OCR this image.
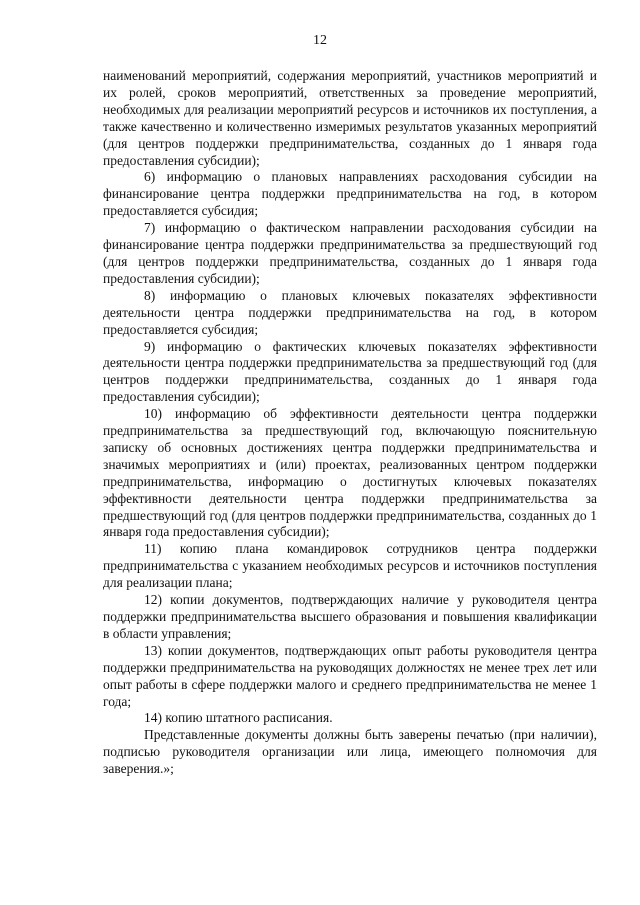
12

наименований мероприятий, содержания мероприятий, участников мероприятий и их ролей, сроков мероприятий, ответственных за проведение мероприятий, необходимых для реализации мероприятий ресурсов и источников их поступления, а также качественно и количественно измеримых результатов указанных мероприятий (для центров поддержки предпринимательства, созданных до 1 января года предоставления субсидии);

6) информацию о плановых направлениях расходования субсидии на финансирование центра поддержки предпринимательства на год, в котором предоставляется субсидия;

7) информацию о фактическом направлении расходования субсидии на финансирование центра поддержки предпринимательства за предшествующий год (для центров поддержки предпринимательства, созданных до 1 января года предоставления субсидии);

8) информацию о плановых ключевых показателях эффективности деятельности центра поддержки предпринимательства на год, в котором предоставляется субсидия;

9) информацию о фактических ключевых показателях эффективности деятельности центра поддержки предпринимательства за предшествующий год (для центров поддержки предпринимательства, созданных до 1 января года предоставления субсидии);

10) информацию об эффективности деятельности центра поддержки предпринимательства за предшествующий год, включающую пояснительную записку об основных достижениях центра поддержки предпринимательства и значимых мероприятиях и (или) проектах, реализованных центром поддержки предпринимательства, информацию о достигнутых ключевых показателях эффективности деятельности центра поддержки предпринимательства за предшествующий год (для центров поддержки предпринимательства, созданных до 1 января года предоставления субсидии);

11) копию плана командировок сотрудников центра поддержки предпринимательства с указанием необходимых ресурсов и источников поступления для реализации плана;

12) копии документов, подтверждающих наличие у руководителя центра поддержки предпринимательства высшего образования и повышения квалификации в области управления;

13) копии документов, подтверждающих опыт работы руководителя центра поддержки предпринимательства на руководящих должностях не менее трех лет или опыт работы в сфере поддержки малого и среднего предпринимательства не менее 1 года;

14) копию штатного расписания.

Представленные документы должны быть заверены печатью (при наличии), подписью руководителя организации или лица, имеющего полномочия для заверения.»;
